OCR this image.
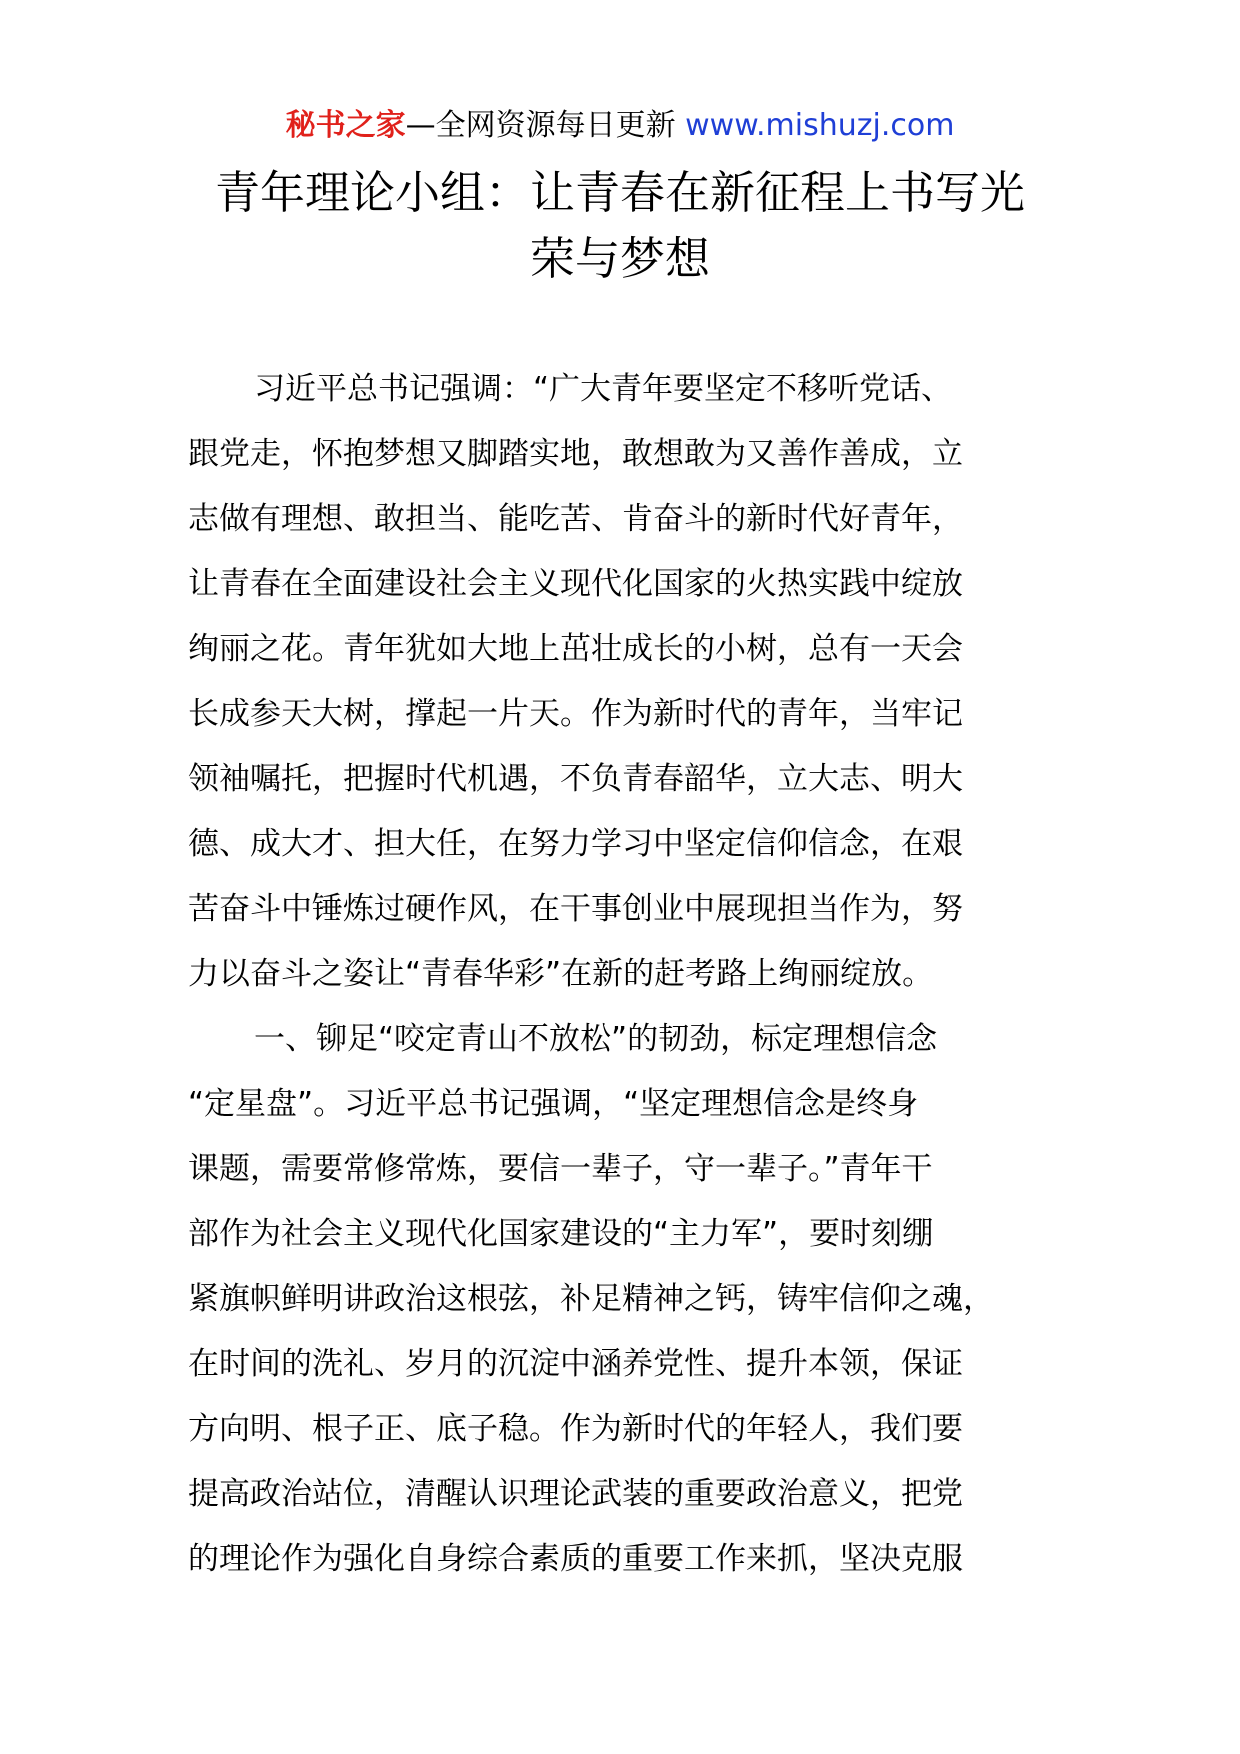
秘书之家—全网资源每日更新 www.mishuzj.com
青年理论小组：让青春在新征程上书写光
荣与梦想
习近平总书记强调：“广大青年要坚定不移听党话、
跟党走，怀抱梦想又脚踏实地，敢想敢为又善作善成，立
志做有理想、敢担当、能吃苦、肯奋斗的新时代好青年，
让青春在全面建设社会主义现代化国家的火热实践中绽放
绚丽之花。青年犹如大地上茁壮成长的小树，总有一天会
长成参天大树，撑起一片天。作为新时代的青年，当牢记
领袖嘱托，把握时代机遇，不负青春韶华，立大志、明大
德、成大才、担大任，在努力学习中坚定信仰信念，在艰
苦奋斗中锤炼过硬作风，在干事创业中展现担当作为，努
力以奋斗之姿让“青春华彩”在新的赶考路上绚丽绽放。
一、铆足“咬定青山不放松”的韧劲，标定理想信念
“定星盘”。习近平总书记强调，“坚定理想信念是终身
课题，需要常修常炼，要信一辈子，守一辈子。”青年干
部作为社会主义现代化国家建设的“主力军”，要时刻绷
紧旗帜鲜明讲政治这根弦，补足精神之钙，铸牢信仰之魂，
在时间的洗礼、岁月的沉淀中涵养党性、提升本领，保证
方向明、根子正、底子稳。作为新时代的年轻人，我们要
提高政治站位，清醒认识理论武装的重要政治意义，把党
的理论作为强化自身综合素质的重要工作来抓，坚决克服
